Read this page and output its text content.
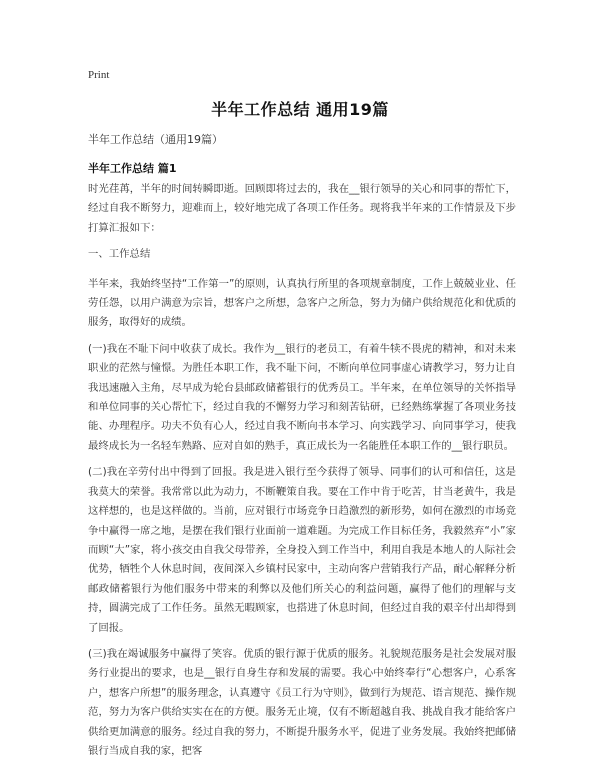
Print
半年工作总结 通用19篇
半年工作总结（通用19篇）
半年工作总结 篇1

时光荏苒，半年的时间转瞬即逝。回顾即将过去的，我在__银行领导的关心和同事的帮忙下，经过自我不断努力，迎难而上，较好地完成了各项工作任务。现将我半年来的工作情景及下步打算汇报如下：

一、工作总结

半年来，我始终坚持“工作第一”的原则，认真执行所里的各项规章制度，工作上兢兢业业、任劳任怨，以用户满意为宗旨，想客户之所想，急客户之所急，努力为储户供给规范化和优质的服务，取得好的成绩。

(一)我在不耻下问中收获了成长。我作为__银行的老员工，有着牛犊不畏虎的精神，和对未来职业的茫然与憧憬。为胜任本职工作，我不耻下问，不断向单位同事虚心请教学习，努力让自我迅速融入主角，尽早成为轮台县邮政储蓄银行的优秀员工。半年来，在单位领导的关怀指导和单位同事的关心帮忙下，经过自我的不懈努力学习和刻苦钻研，已经熟练掌握了各项业务技能、办理程序。功夫不负有心人，经过自我不断向书本学习、向实践学习、向同事学习，使我最终成长为一名轻车熟路、应对自如的熟手，真正成长为一名能胜任本职工作的__银行职员。

(二)我在辛劳付出中得到了回报。我是进入银行至今获得了领导、同事们的认可和信任，这是我莫大的荣誉。我常常以此为动力，不断鞭策自我。要在工作中肯于吃苦，甘当老黄牛，我是这样想的，也是这样做的。当前，应对银行市场竞争日趋激烈的新形势，如何在激烈的市场竞争中赢得一席之地，是摆在我们银行业面前一道难题。为完成工作目标任务，我毅然弃“小”家而顾“大”家，将小孩交由自我父母带养，全身投入到工作当中，利用自我是本地人的人际社会优势，牺牲个人休息时间，夜间深入乡镇村民家中，主动向客户营销我行产品，耐心解释分析邮政储蓄银行为他们服务中带来的利弊以及他们所关心的利益问题，赢得了他们的理解与支持，圆满完成了工作任务。虽然无暇顾家，也搭进了休息时间，但经过自我的艰辛付出却得到了回报。

(三)我在竭诚服务中赢得了笑容。优质的银行源于优质的服务。礼貌规范服务是社会发展对服务行业提出的要求，也是__银行自身生存和发展的需要。我心中始终奉行“心想客户，心系客户，想客户所想”的服务理念，认真遵守《员工行为守则》，做到行为规范、语言规范、操作规范，努力为客户供给实实在在的方便。服务无止境，仅有不断超越自我、挑战自我才能给客户供给更加满意的服务。经过自我的努力，不断提升服务水平，促进了业务发展。我始终把邮储银行当成自我的家，把客
